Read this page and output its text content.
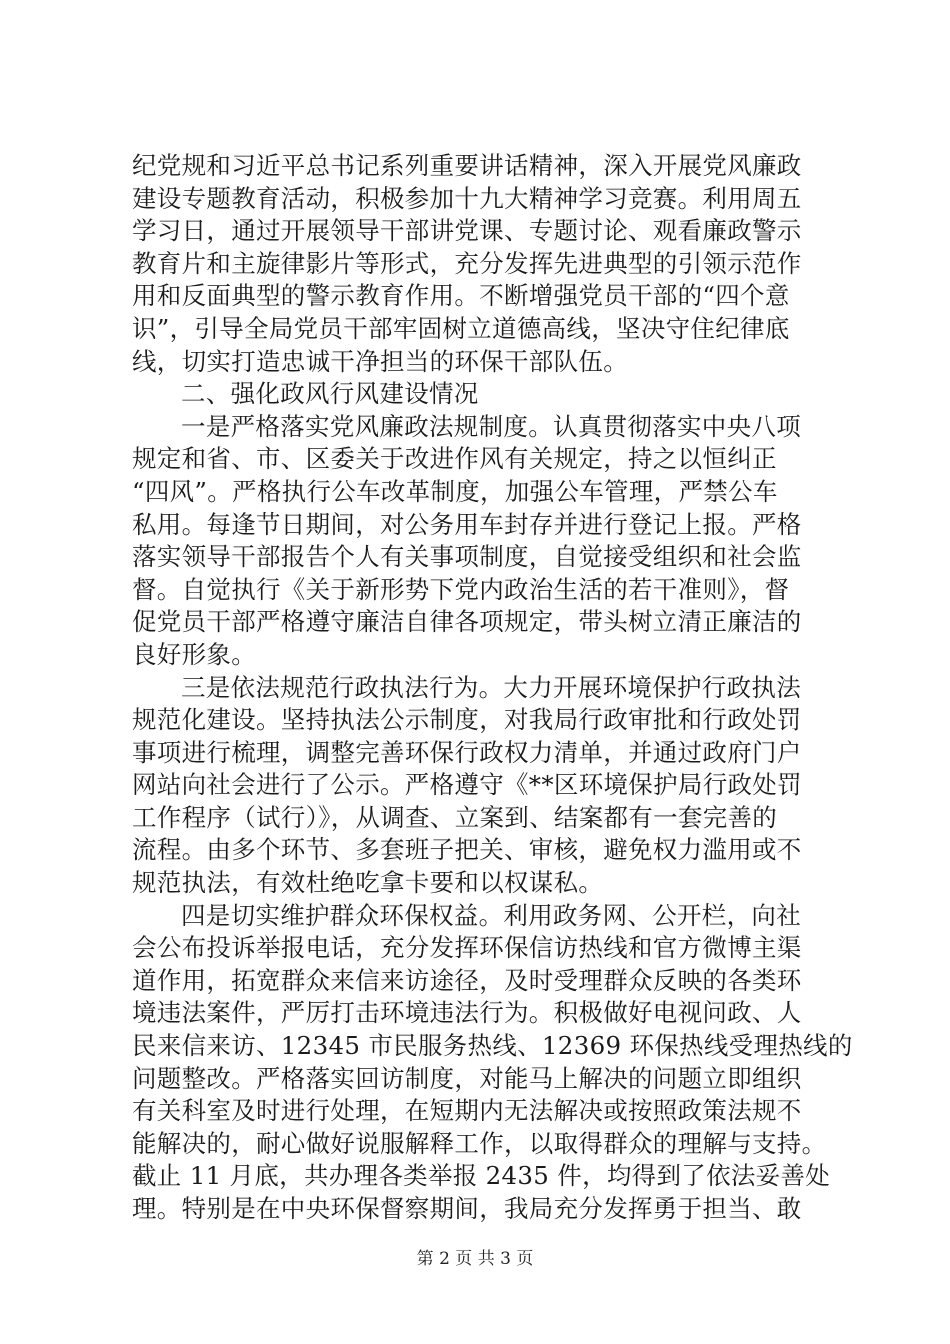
纪党规和习近平总书记系列重要讲话精神，深入开展党风廉政
建设专题教育活动，积极参加十九大精神学习竞赛。利用周五
学习日，通过开展领导干部讲党课、专题讨论、观看廉政警示
教育片和主旋律影片等形式，充分发挥先进典型的引领示范作
用和反面典型的警示教育作用。不断增强党员干部的“四个意
识”，引导全局党员干部牢固树立道德高线，坚决守住纪律底
线，切实打造忠诚干净担当的环保干部队伍。
二、强化政风行风建设情况
一是严格落实党风廉政法规制度。认真贯彻落实中央八项
规定和省、市、区委关于改进作风有关规定，持之以恒纠正
“四风”。严格执行公车改革制度，加强公车管理，严禁公车
私用。每逢节日期间，对公务用车封存并进行登记上报。严格
落实领导干部报告个人有关事项制度，自觉接受组织和社会监
督。自觉执行《关于新形势下党内政治生活的若干准则》，督
促党员干部严格遵守廉洁自律各项规定，带头树立清正廉洁的
良好形象。
三是依法规范行政执法行为。大力开展环境保护行政执法
规范化建设。坚持执法公示制度，对我局行政审批和行政处罚
事项进行梳理，调整完善环保行政权力清单，并通过政府门户
网站向社会进行了公示。严格遵守《**区环境保护局行政处罚
工作程序（试行）》，从调查、立案到、结案都有一套完善的
流程。由多个环节、多套班子把关、审核，避免权力滥用或不
规范执法，有效杜绝吃拿卡要和以权谋私。
四是切实维护群众环保权益。利用政务网、公开栏，向社
会公布投诉举报电话，充分发挥环保信访热线和官方微博主渠
道作用，拓宽群众来信来访途径，及时受理群众反映的各类环
境违法案件，严厉打击环境违法行为。积极做好电视问政、人
民来信来访、12345 市民服务热线、12369 环保热线受理热线的
问题整改。严格落实回访制度，对能马上解决的问题立即组织
有关科室及时进行处理，在短期内无法解决或按照政策法规不
能解决的，耐心做好说服解释工作，以取得群众的理解与支持。
截止 11 月底，共办理各类举报 2435 件，均得到了依法妥善处
理。特别是在中央环保督察期间，我局充分发挥勇于担当、敢
第 2 页 共 3 页
